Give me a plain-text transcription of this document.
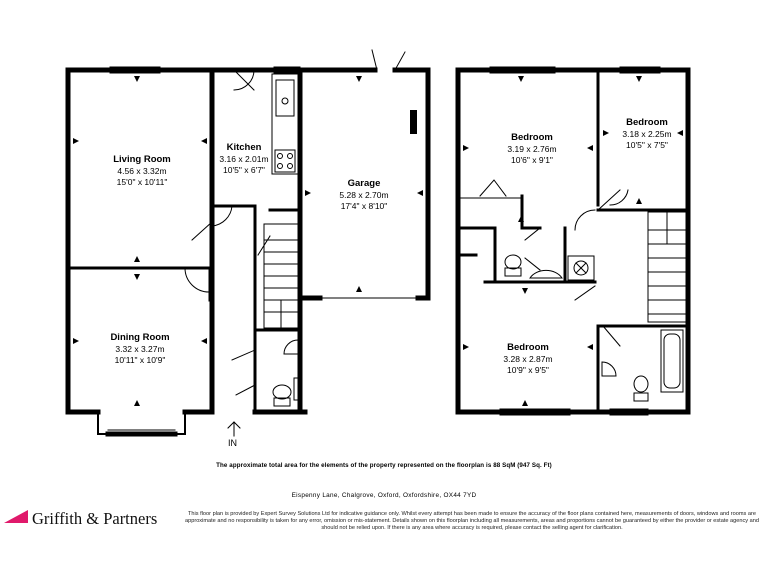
Living Room
4.56 x 3.32m
15'0" x 10'11"
Kitchen
3.16 x 2.01m
10'5" x 6'7"
Garage
5.28 x 2.70m
17'4" x 8'10"
Dining Room
3.32 x 3.27m
10'11" x 10'9"
Bedroom
3.19 x 2.76m
10'6" x 9'1"
Bedroom
3.18 x 2.25m
10'5" x 7'5"
Bedroom
3.28 x 2.87m
10'9" x 9'5"
IN
The approximate total area for the elements of the property represented on the floorplan is 88 SqM (947 Sq. Ft)
Eispenny Lane, Chalgrove, Oxford, Oxfordshire, OX44 7YD
Griffith & Partners	This floor plan is provided by Expert Survey Solutions Ltd for indicative guidance only. Whilst every attempt has been made to ensure the accuracy of the floor plans contained here, measurements of doors, windows and rooms are approximate and no responsibility is taken for any error, omission or mis-statement. Details shown on this floorplan including all measurements, areas and proportions cannot be guaranteed by either the provider or estate agency and should not be relied upon. If there is any area where accuracy is required, please contact the selling agent for clarification.
